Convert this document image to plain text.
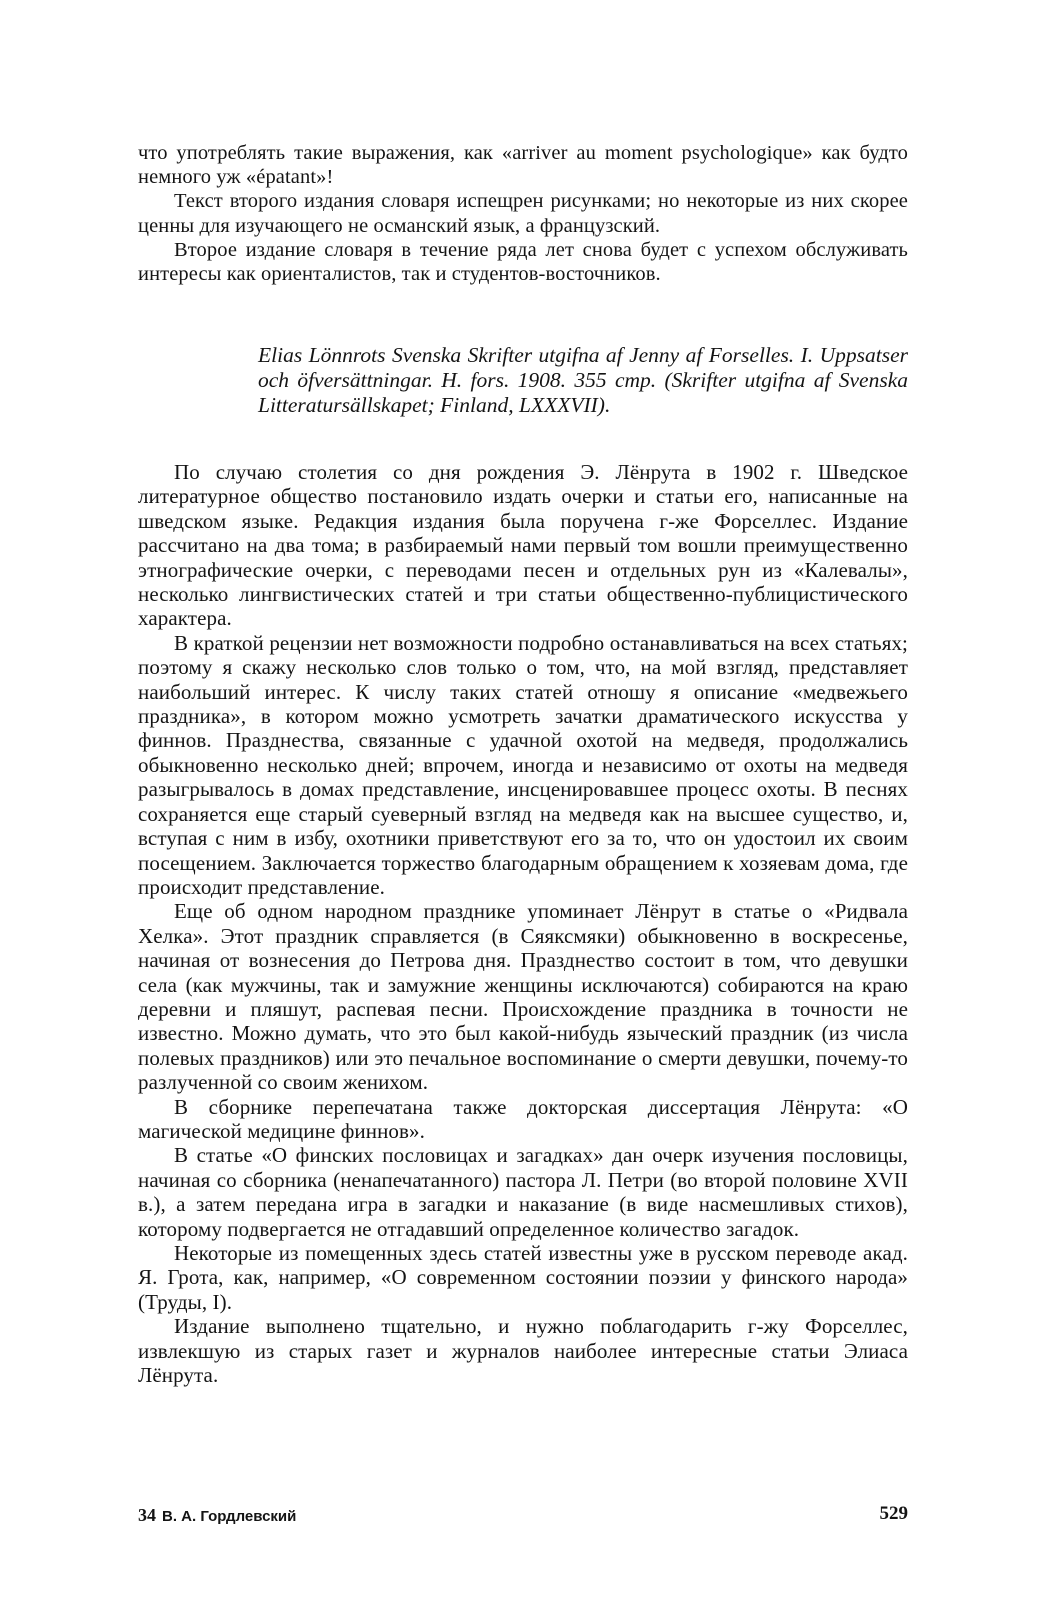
что употреблять такие выражения, как «arriver au moment psychologique» как будто немного уж «épatant»!

Текст второго издания словаря испещрен рисунками; но некоторые из них скорее ценны для изучающего не османский язык, а французский.

Второе издание словаря в течение ряда лет снова будет с успехом обслуживать интересы как ориенталистов, так и студентов-восточников.

Elias Lönnrots Svenska Skrifter utgifna af Jenny af Forselles. I. Uppsatser och öfversättningar. H. fors. 1908. 355 стр. (Skrifter utgifna af Svenska Litteratursällskapet; Finland, LXXXVII).

По случаю столетия со дня рождения Э. Лёнрута в 1902 г. Шведское литературное общество постановило издать очерки и статьи его, написанные на шведском языке. Редакция издания была поручена г-же Форселлес. Издание рассчитано на два тома; в разбираемый нами первый том вошли преимущественно этнографические очерки, с переводами песен и отдельных рун из «Калевалы», несколько лингвистических статей и три статьи общественно-публицистического характера.

В краткой рецензии нет возможности подробно останавливаться на всех статьях; поэтому я скажу несколько слов только о том, что, на мой взгляд, представляет наибольший интерес. К числу таких статей отношу я описание «медвежьего праздника», в котором можно усмотреть зачатки драматического искусства у финнов. Празднества, связанные с удачной охотой на медведя, продолжались обыкновенно несколько дней; впрочем, иногда и независимо от охоты на медведя разыгрывалось в домах представление, инсценировавшее процесс охоты. В песнях сохраняется еще старый суеверный взгляд на медведя как на высшее существо, и, вступая с ним в избу, охотники приветствуют его за то, что он удостоил их своим посещением. Заключается торжество благодарным обращением к хозяевам дома, где происходит представление.

Еще об одном народном празднике упоминает Лёнрут в статье о «Ридвала Хелка». Этот праздник справляется (в Сяяксмяки) обыкновенно в воскресенье, начиная от вознесения до Петрова дня. Празднество состоит в том, что девушки села (как мужчины, так и замужние женщины исключаются) собираются на краю деревни и пляшут, распевая песни. Происхождение праздника в точности не известно. Можно думать, что это был какой-нибудь языческий праздник (из числа полевых праздников) или это печальное воспоминание о смерти девушки, почему-то разлученной со своим женихом.

В сборнике перепечатана также докторская диссертация Лёнрута: «О магической медицине финнов».

В статье «О финских пословицах и загадках» дан очерк изучения пословицы, начиная со сборника (ненапечатанного) пастора Л. Петри (во второй половине XVII в.), а затем передана игра в загадки и наказание (в виде насмешливых стихов), которому подвергается не отгадавший определенное количество загадок.

Некоторые из помещенных здесь статей известны уже в русском переводе акад. Я. Грота, как, например, «О современном состоянии поэзии у финского народа» (Труды, I).

Издание выполнено тщательно, и нужно поблагодарить г-жу Форселлес, извлекшую из старых газет и журналов наиболее интересные статьи Элиаса Лёнрута.

34 В. А. Гордлевский	529
